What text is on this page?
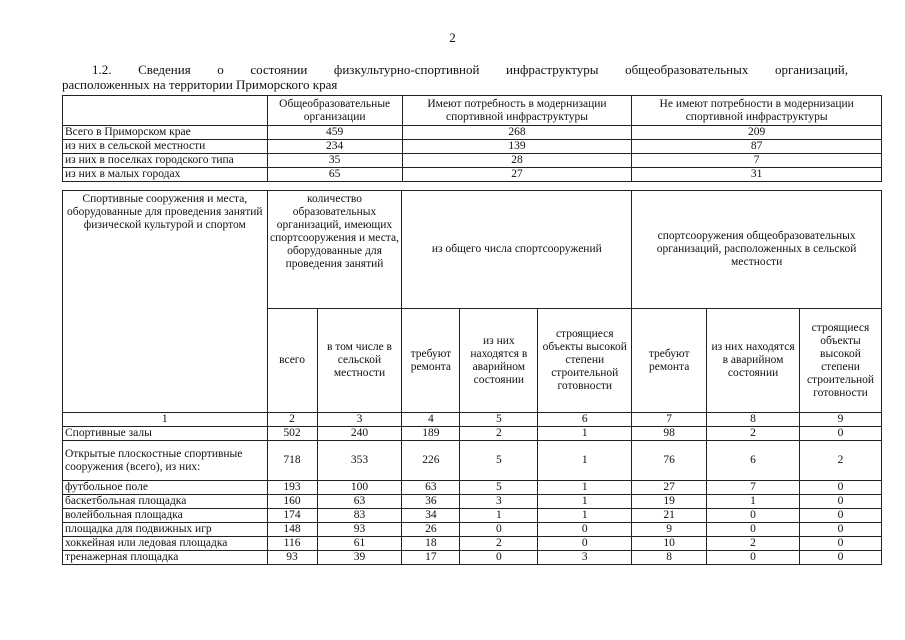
2
1.2. Сведения о состоянии физкультурно-спортивной инфраструктуры общеобразовательных организаций,
расположенных на территории Приморского края
	Общеобразовательные организации	Имеют потребность в модернизации спортивной инфраструктуры	Не имеют потребности в модернизации спортивной инфраструктуры
Всего в Приморском крае	459	268	209
из них в сельской местности	234	139	87
из них в поселках городского типа	35	28	7
из них в малых городах	65	27	31
Спортивные сооружения и места, оборудованные для проведения занятий физической культурой и спортом	количество образовательных организаций, имеющих спортсооружения и места, оборудованные для проведения занятий		из общего числа спортсооружений			спортсооружения общеобразовательных организаций, расположенных в сельской местности		
	всего	в том числе в сельской местности	требуют ремонта	из них находятся в аварийном состоянии	строящиеся объекты высокой степени строительной готовности	требуют ремонта	из них находятся в аварийном состоянии	строящиеся объекты высокой степени строительной готовности
1	2	3	4	5	6	7	8	9
Спортивные залы	502	240	189	2	1	98	2	0
Открытые плоскостные спортивные сооружения (всего), из них:	718	353	226	5	1	76	6	2
футбольное поле	193	100	63	5	1	27	7	0
баскетбольная площадка	160	63	36	3	1	19	1	0
волейбольная площадка	174	83	34	1	1	21	0	0
площадка для подвижных игр	148	93	26	0	0	9	0	0
хоккейная или ледовая площадка	116	61	18	2	0	10	2	0
тренажерная площадка	93	39	17	0	3	8	0	0
